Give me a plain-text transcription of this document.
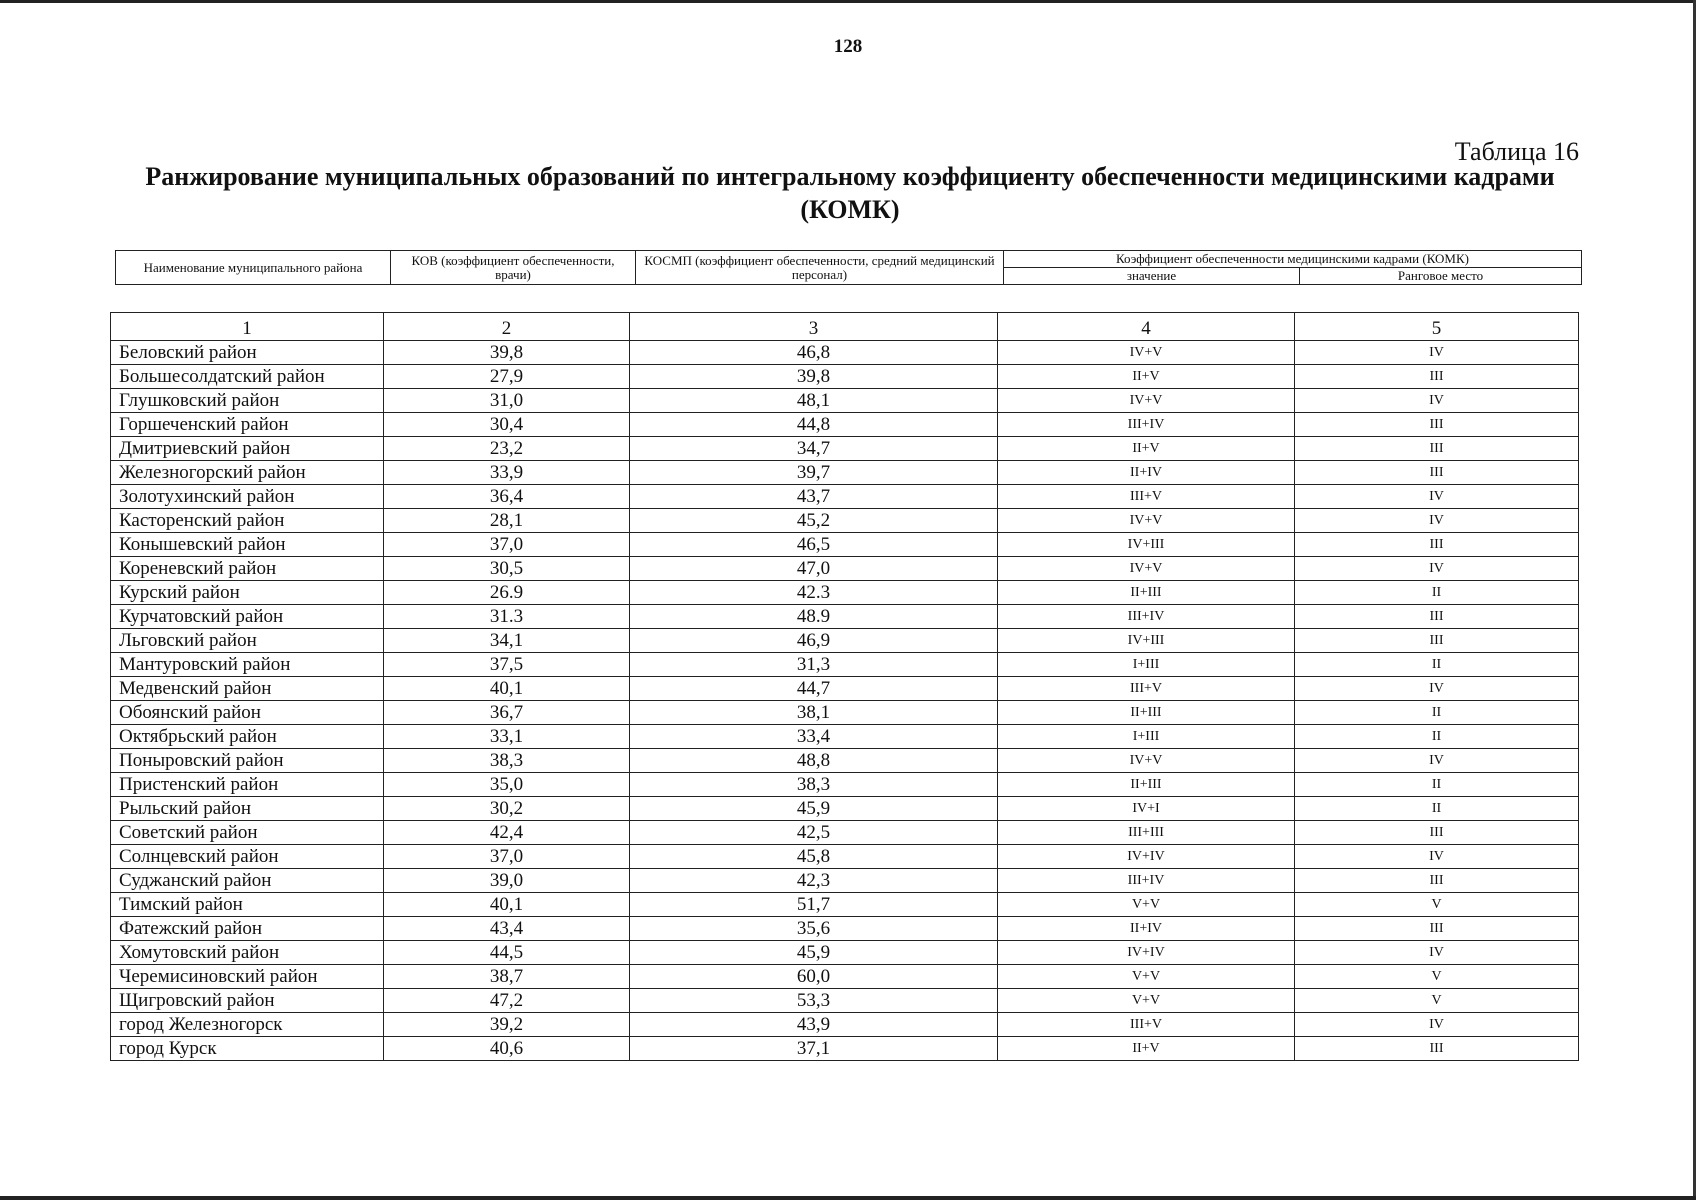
128
Таблица 16
Ранжирование муниципальных образований по интегральному коэффициенту обеспеченности медицинскими кадрами (КОМК)
Наименование муниципального района	КОВ (коэффициент обеспеченности, врачи)	КОСМП (коэффициент обеспеченности, средний медицинский персонал)	Коэффициент обеспеченности медицинскими кадрами (КОМК)	
			значение	Ранговое место
1	2	3	4	5
Беловский район	39,8	46,8	IV+V	IV
Большесолдатский район	27,9	39,8	II+V	III
Глушковский район	31,0	48,1	IV+V	IV
Горшеченский район	30,4	44,8	III+IV	III
Дмитриевский район	23,2	34,7	II+V	III
Железногорский район	33,9	39,7	II+IV	III
Золотухинский район	36,4	43,7	III+V	IV
Касторенский район	28,1	45,2	IV+V	IV
Конышевский район	37,0	46,5	IV+III	III
Кореневский район	30,5	47,0	IV+V	IV
Курский район	26.9	42.3	II+III	II
Курчатовский район	31.3	48.9	III+IV	III
Льговский район	34,1	46,9	IV+III	III
Мантуровский район	37,5	31,3	I+III	II
Медвенский район	40,1	44,7	III+V	IV
Обоянский район	36,7	38,1	II+III	II
Октябрьский район	33,1	33,4	I+III	II
Поныровский район	38,3	48,8	IV+V	IV
Пристенский район	35,0	38,3	II+III	II
Рыльский район	30,2	45,9	IV+I	II
Советский район	42,4	42,5	III+III	III
Солнцевский район	37,0	45,8	IV+IV	IV
Суджанский район	39,0	42,3	III+IV	III
Тимский район	40,1	51,7	V+V	V
Фатежский район	43,4	35,6	II+IV	III
Хомутовский район	44,5	45,9	IV+IV	IV
Черемисиновский район	38,7	60,0	V+V	V
Щигровский район	47,2	53,3	V+V	V
город Железногорск	39,2	43,9	III+V	IV
город Курск	40,6	37,1	II+V	III
